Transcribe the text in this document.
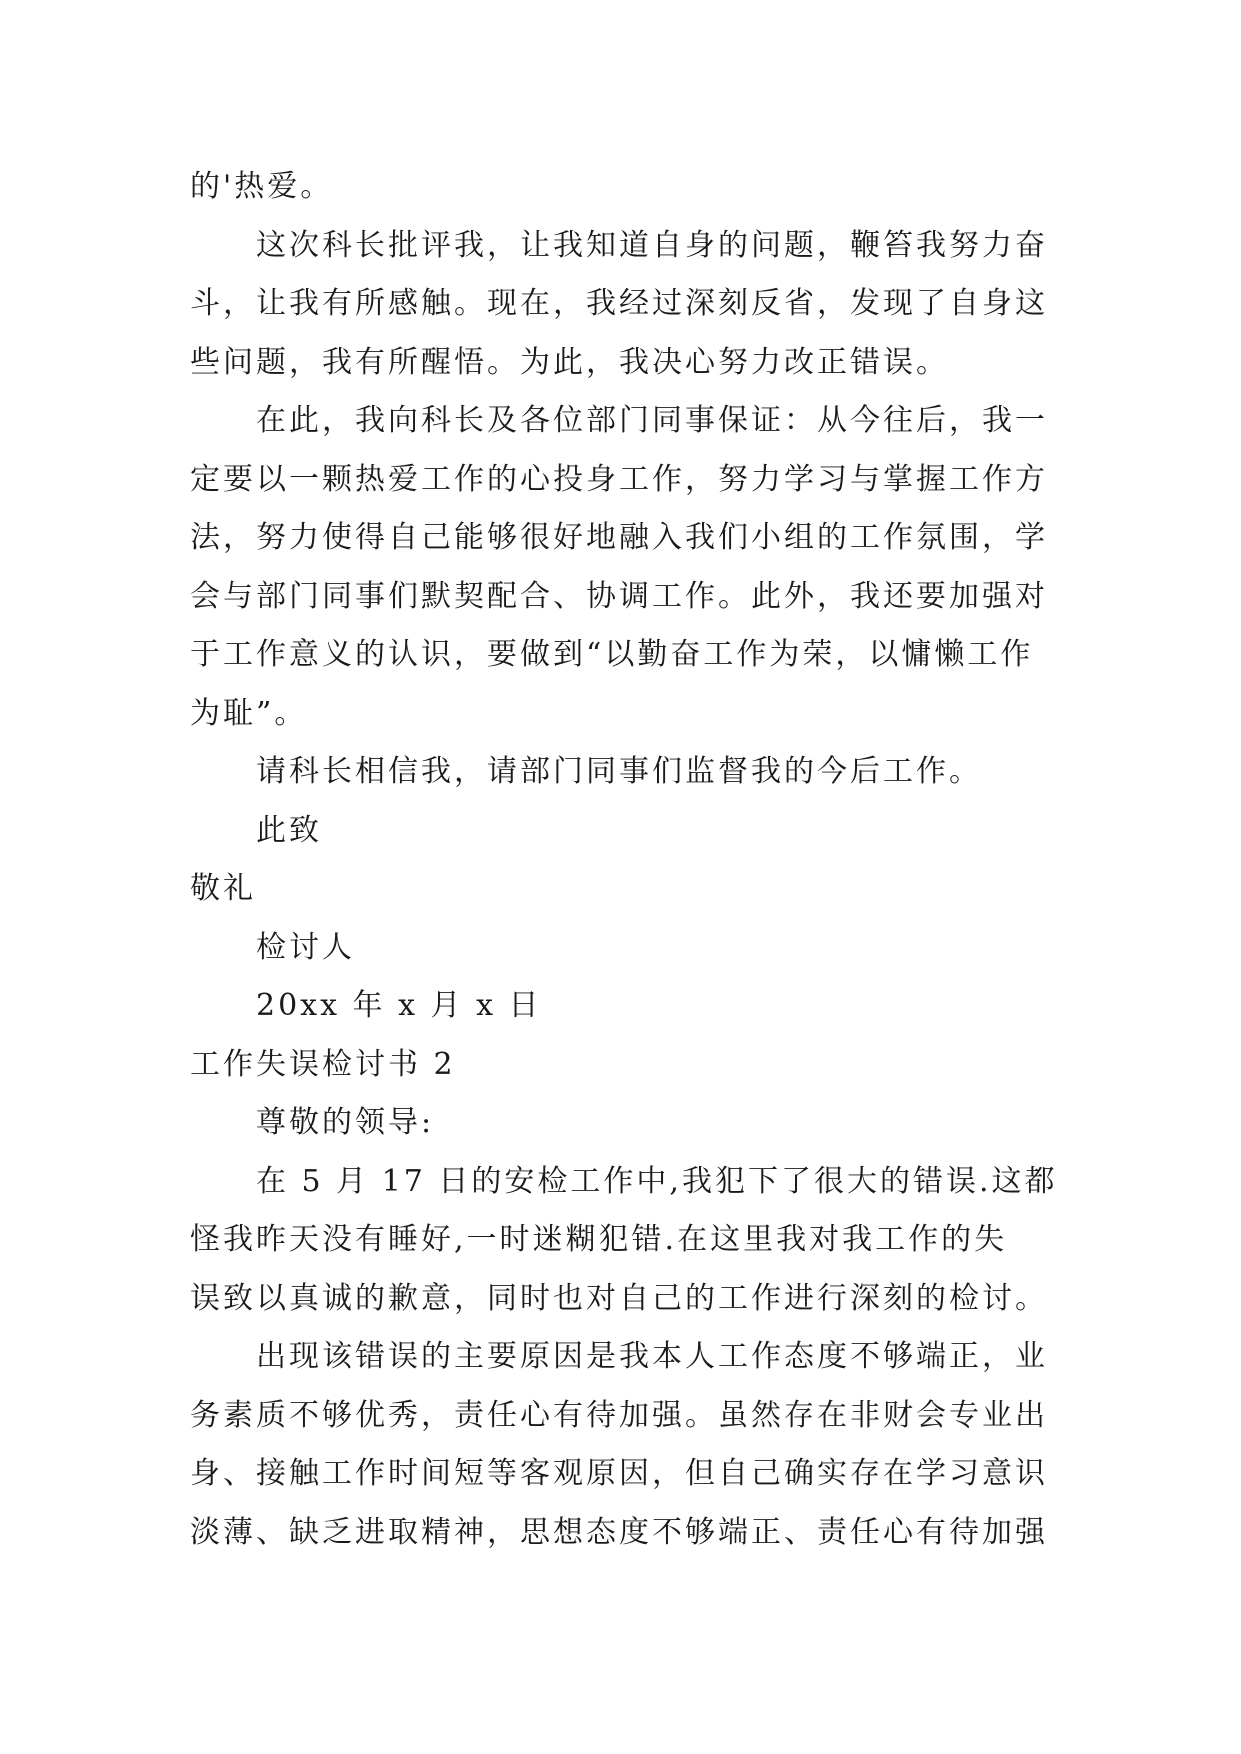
的'热爱。
这次科长批评我，让我知道自身的问题，鞭笞我努力奋
斗，让我有所感触。现在，我经过深刻反省，发现了自身这
些问题，我有所醒悟。为此，我决心努力改正错误。
在此，我向科长及各位部门同事保证：从今往后，我一
定要以一颗热爱工作的心投身工作，努力学习与掌握工作方
法，努力使得自己能够很好地融入我们小组的工作氛围，学
会与部门同事们默契配合、协调工作。此外，我还要加强对
于工作意义的认识，要做到“以勤奋工作为荣，以慵懒工作
为耻”。
请科长相信我，请部门同事们监督我的今后工作。
此致
敬礼
检讨人
20xx 年 x 月 x 日
工作失误检讨书 2
尊敬的领导:
在 5 月 17 日的安检工作中,我犯下了很大的错误.这都
怪我昨天没有睡好,一时迷糊犯错.在这里我对我工作的失
误致以真诚的歉意，同时也对自己的工作进行深刻的检讨。
出现该错误的主要原因是我本人工作态度不够端正，业
务素质不够优秀，责任心有待加强。虽然存在非财会专业出
身、接触工作时间短等客观原因，但自己确实存在学习意识
淡薄、缺乏进取精神，思想态度不够端正、责任心有待加强
